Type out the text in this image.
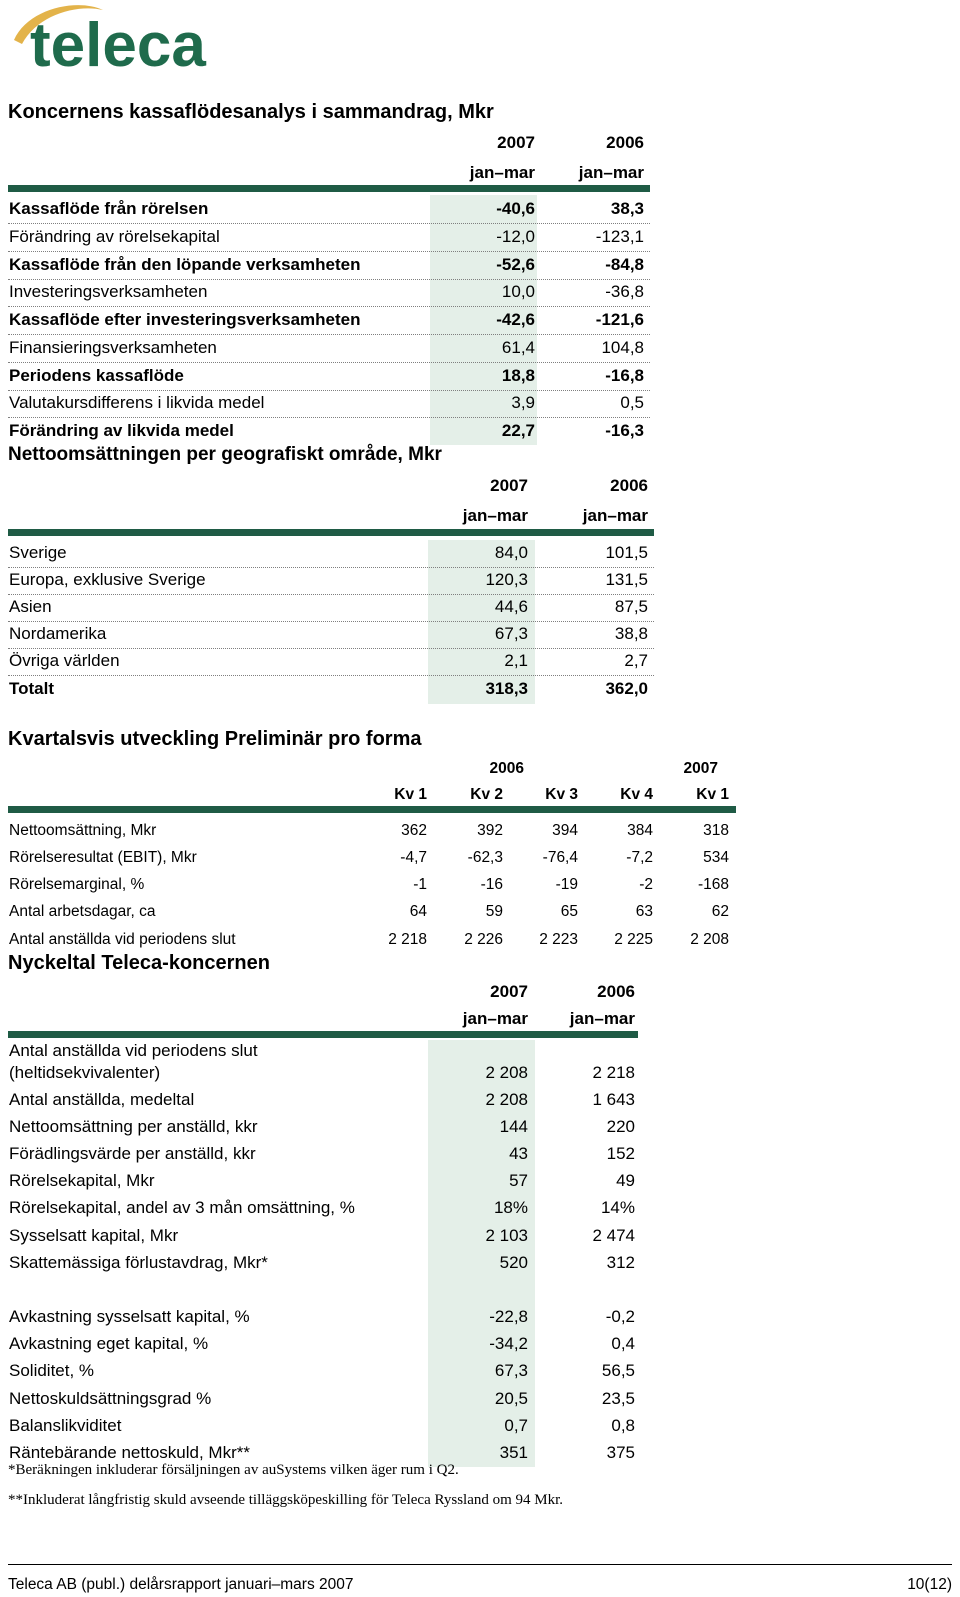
teleca
Koncernens kassaflödesanalys i sammandrag, Mkr
2007	2006
jan–mar	jan–mar
Kassaflöde från rörelsen	-40,6	38,3
Förändring av rörelsekapital	-12,0	-123,1
Kassaflöde från den löpande verksamheten	-52,6	-84,8
Investeringsverksamheten	10,0	-36,8
Kassaflöde efter investeringsverksamheten	-42,6	-121,6
Finansieringsverksamheten	61,4	104,8
Periodens kassaflöde	18,8	-16,8
Valutakursdifferens i likvida medel	3,9	0,5
Förändring av likvida medel	22,7	-16,3
Nettoomsättningen per geografiskt område, Mkr
2007	2006
jan–mar	jan–mar
Sverige	84,0	101,5
Europa, exklusive Sverige	120,3	131,5
Asien	44,6	87,5
Nordamerika	67,3	38,8
Övriga världen	2,1	2,7
Totalt	318,3	362,0
Kvartalsvis utveckling Preliminär pro forma
2006	2007
Kv 1	Kv 2	Kv 3	Kv 4	Kv 1
Nettoomsättning, Mkr	362	392	394	384	318
Rörelseresultat (EBIT), Mkr	-4,7	-62,3	-76,4	-7,2	534
Rörelsemarginal, %	-1	-16	-19	-2	-168
Antal arbetsdagar, ca	64	59	65	63	62
Antal anställda vid periodens slut	2 218	2 226	2 223	2 225	2 208
Nyckeltal Teleca-koncernen
2007	2006
jan–mar	jan–mar
Antal anställda vid periodens slut
(heltidsekvivalenter)	2 208	2 218
Antal anställda, medeltal	2 208	1 643
Nettoomsättning per anställd, kkr	144	220
Förädlingsvärde per anställd, kkr	43	152
Rörelsekapital, Mkr	57	49
Rörelsekapital, andel av 3 mån omsättning, %	18%	14%
Sysselsatt kapital, Mkr	2 103	2 474
Skattemässiga förlustavdrag, Mkr*	520	312
Avkastning sysselsatt kapital, %	-22,8	-0,2
Avkastning eget kapital, %	-34,2	0,4
Soliditet, %	67,3	56,5
Nettoskuldsättningsgrad %	20,5	23,5
Balanslikviditet	0,7	0,8
Räntebärande nettoskuld, Mkr**	351	375
*Beräkningen inkluderar försäljningen av auSystems vilken äger rum i Q2.
**Inkluderat långfristig skuld avseende tilläggsköpeskilling för Teleca Ryssland om 94 Mkr.
Teleca AB (publ.) delårsrapport januari–mars 2007	10(12)
